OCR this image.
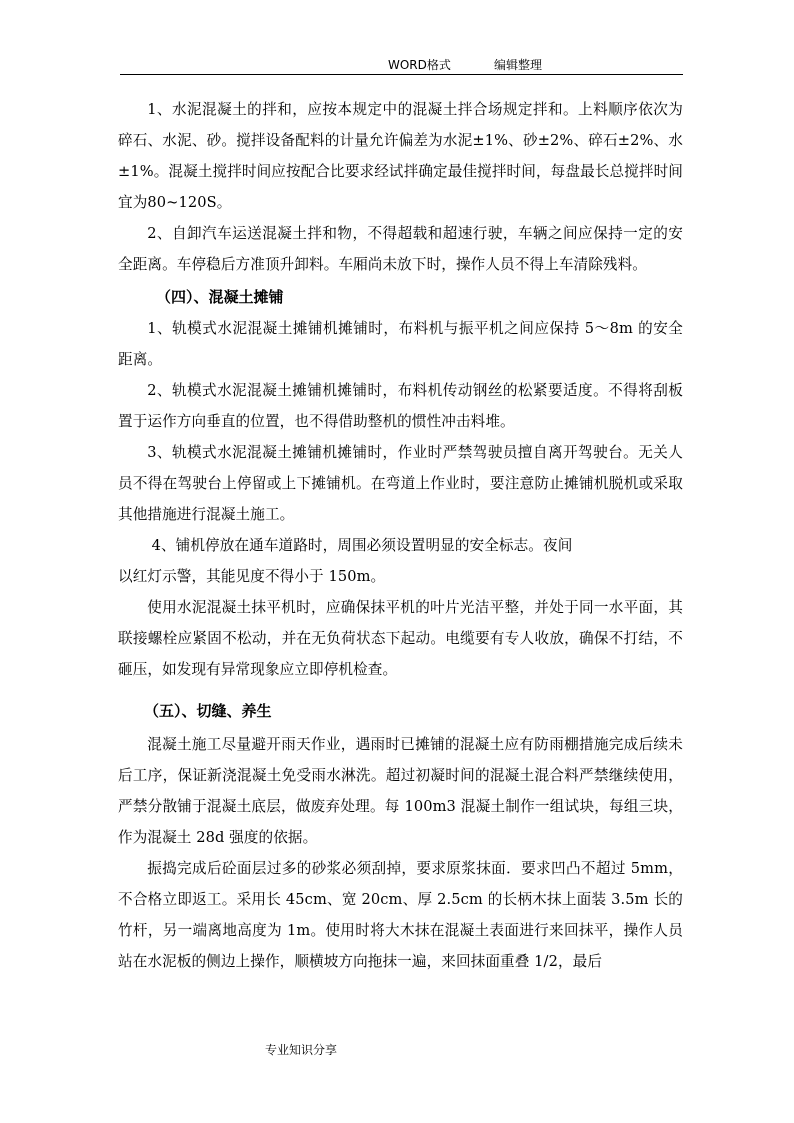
WORD格式	编辑整理

1、水泥混凝土的拌和，应按本规定中的混凝土拌合场规定拌和。上料顺序依次为碎石、水泥、砂。搅拌设备配料的计量允许偏差为水泥±1%、砂±2%、碎石±2%、水±1%。混凝土搅拌时间应按配合比要求经试拌确定最佳搅拌时间，每盘最长总搅拌时间宜为80~120S。

2、自卸汽车运送混凝土拌和物，不得超载和超速行驶，车辆之间应保持一定的安全距离。车停稳后方准顶升卸料。车厢尚未放下时，操作人员不得上车清除残料。

（四）、混凝土摊铺

1、轨模式水泥混凝土摊铺机摊铺时，布料机与振平机之间应保持 5～8m 的安全距离。

2、轨模式水泥混凝土摊铺机摊铺时，布料机传动钢丝的松紧要适度。不得将刮板置于运作方向垂直的位置，也不得借助整机的惯性冲击料堆。

3、轨模式水泥混凝土摊铺机摊铺时，作业时严禁驾驶员擅自离开驾驶台。无关人员不得在驾驶台上停留或上下摊铺机。在弯道上作业时，要注意防止摊铺机脱机或采取其他措施进行混凝土施工。

4、铺机停放在通车道路时，周围必须设置明显的安全标志。夜间

以红灯示警，其能见度不得小于 150m。

使用水泥混凝土抹平机时，应确保抹平机的叶片光洁平整，并处于同一水平面，其联接螺栓应紧固不松动，并在无负荷状态下起动。电缆要有专人收放，确保不打结，不砸压，如发现有异常现象应立即停机检查。

（五）、切缝、养生

混凝土施工尽量避开雨天作业，遇雨时已摊铺的混凝土应有防雨棚措施完成后续未后工序，保证新浇混凝土免受雨水淋洗。超过初凝时间的混凝土混合料严禁继续使用，严禁分散铺于混凝土底层，做废弃处理。每 100m3 混凝土制作一组试块，每组三块，作为混凝土 28d 强度的依据。

振捣完成后砼面层过多的砂浆必须刮掉，要求原浆抹面．要求凹凸不超过 5mm，不合格立即返工。采用长 45cm、宽 20cm、厚 2.5cm 的长柄木抹上面装 3.5m 长的竹杆，另一端离地高度为 1m。使用时将大木抹在混凝土表面进行来回抹平，操作人员站在水泥板的侧边上操作，顺横坡方向拖抹一遍，来回抹面重叠 1/2，最后

专业知识分享
